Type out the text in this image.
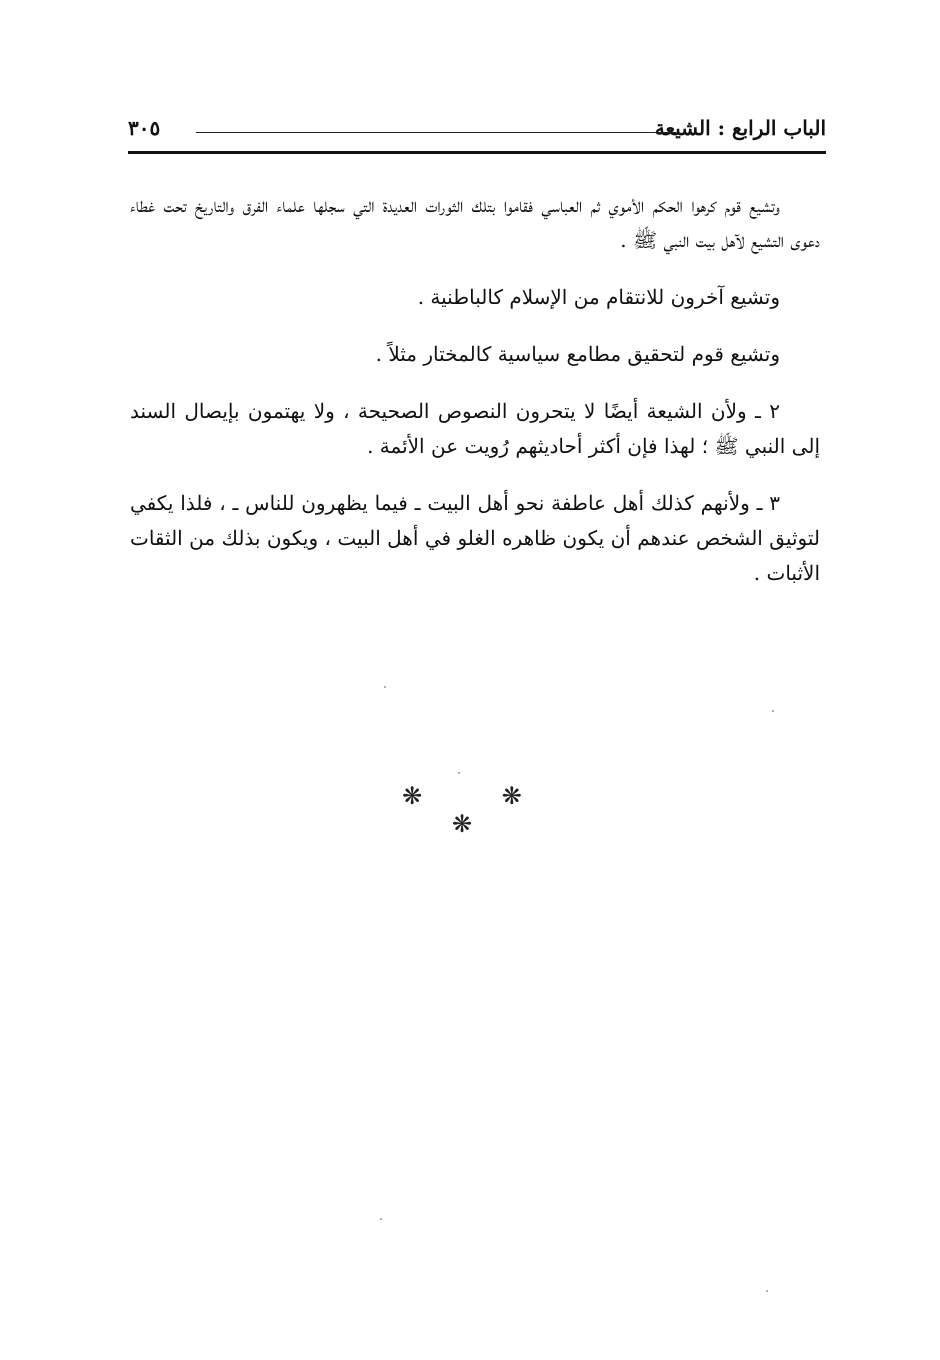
الباب الرابع : الشيعة
٣٠٥

وتشيع قوم كرهوا الحكم الأموي ثم العباسي فقاموا بتلك الثورات العديدة التي سجلها علماء الفرق والتاريخ تحت غطاء دعوى التشيع لآهل بيت النبي ﷺ .

وتشيع آخرون للانتقام من الإسلام كالباطنية .

وتشيع قوم لتحقيق مطامع سياسية كالمختار مثلاً .

٢ ـ ولأن الشيعة أيضًا لا يتحرون النصوص الصحيحة ، ولا يهتمون بإيصال السند إلى النبي ﷺ ؛ لهذا فإن أكثر أحاديثهم رُويت عن الأئمة .

٣ ـ ولأنهم كذلك أهل عاطفة نحو أهل البيت ـ فيما يظهرون للناس ـ ، فلذا يكفي لتوثيق الشخص عندهم أن يكون ظاهره الغلو في أهل البيت ، ويكون بذلك من الثقات الأثبات .

❋ ❋ ❋
